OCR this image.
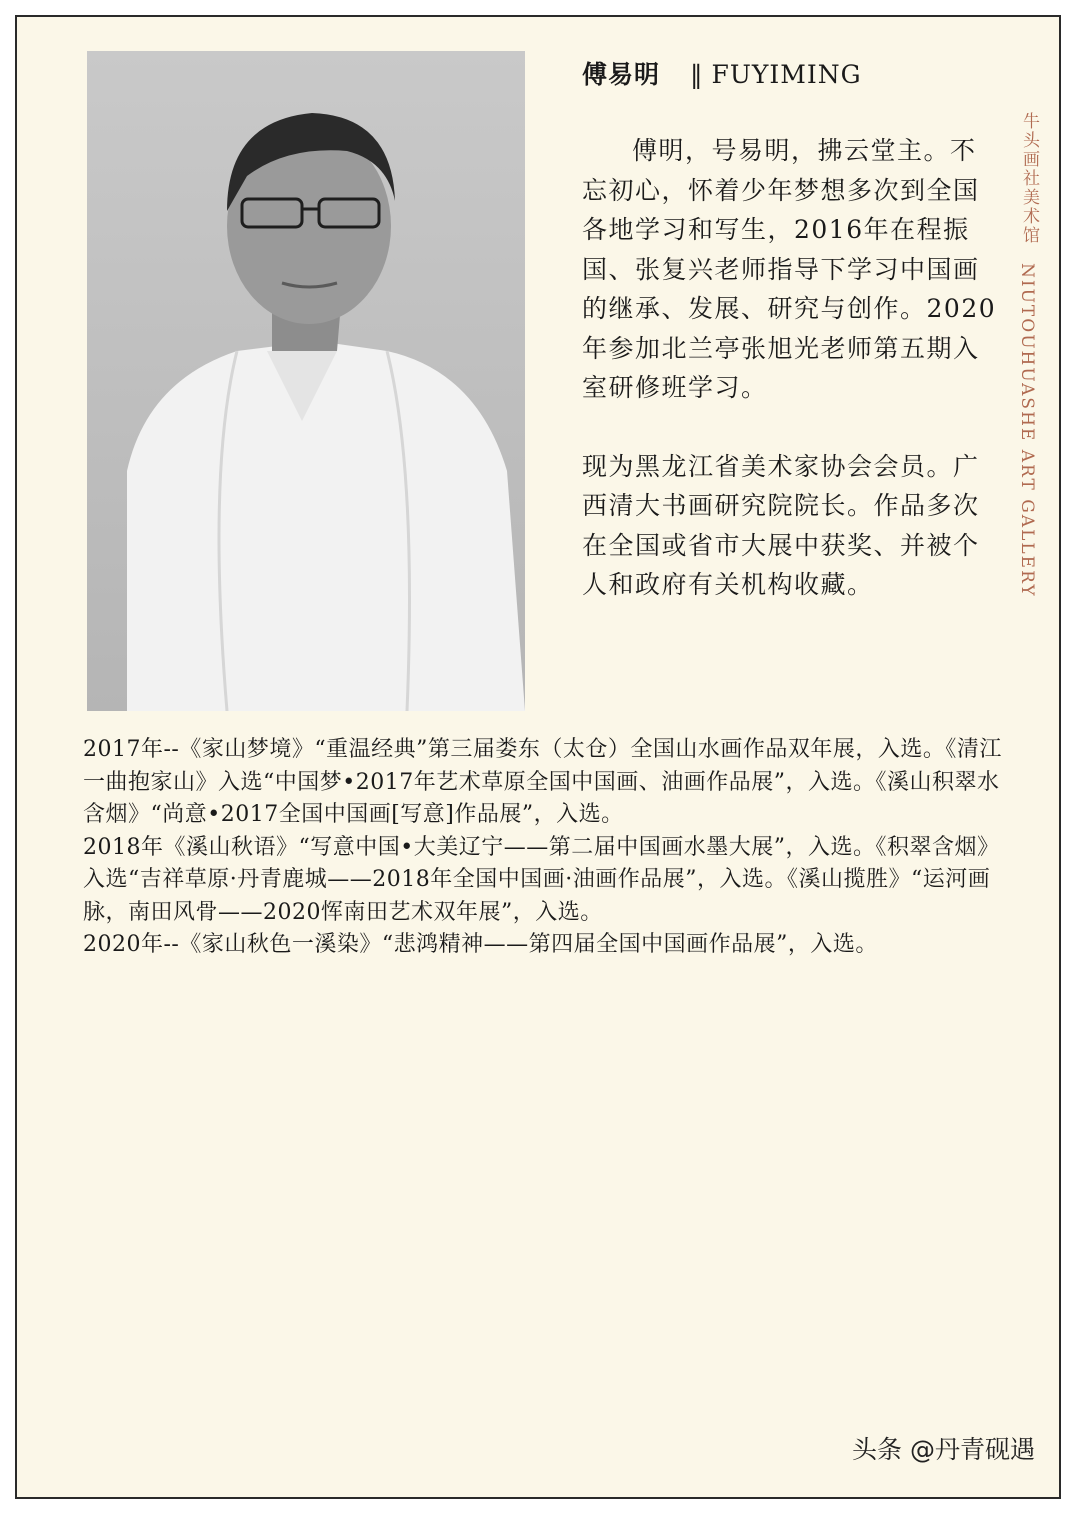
傅易明 ‖ FUYIMING

傅明，号易明，拂云堂主。不忘初心，怀着少年梦想多次到全国各地学习和写生，2016年在程振国、张复兴老师指导下学习中国画的继承、发展、研究与创作。2020年参加北兰亭张旭光老师第五期入室研修班学习。

现为黑龙江省美术家协会会员。广西清大书画研究院院长。作品多次在全国或省市大展中获奖、并被个人和政府有关机构收藏。

牛头画社美术馆
NIUTOUHUASHE ART GALLERY

2017年--《家山梦境》“重温经典”第三届娄东（太仓）全国山水画作品双年展，入选。《清江一曲抱家山》入选“中国梦•2017年艺术草原全国中国画、油画作品展”，入选。《溪山积翠水含烟》“尚意•2017全国中国画[写意]作品展”，入选。

2018年《溪山秋语》“写意中国•大美辽宁——第二届中国画水墨大展”，入选。《积翠含烟》入选“吉祥草原·丹青鹿城——2018年全国中国画·油画作品展”，入选。《溪山揽胜》“运河画脉，南田风骨——2020恽南田艺术双年展”，入选。

2020年--《家山秋色一溪染》“悲鸿精神——第四届全国中国画作品展”，入选。

头条 @丹青砚遇
